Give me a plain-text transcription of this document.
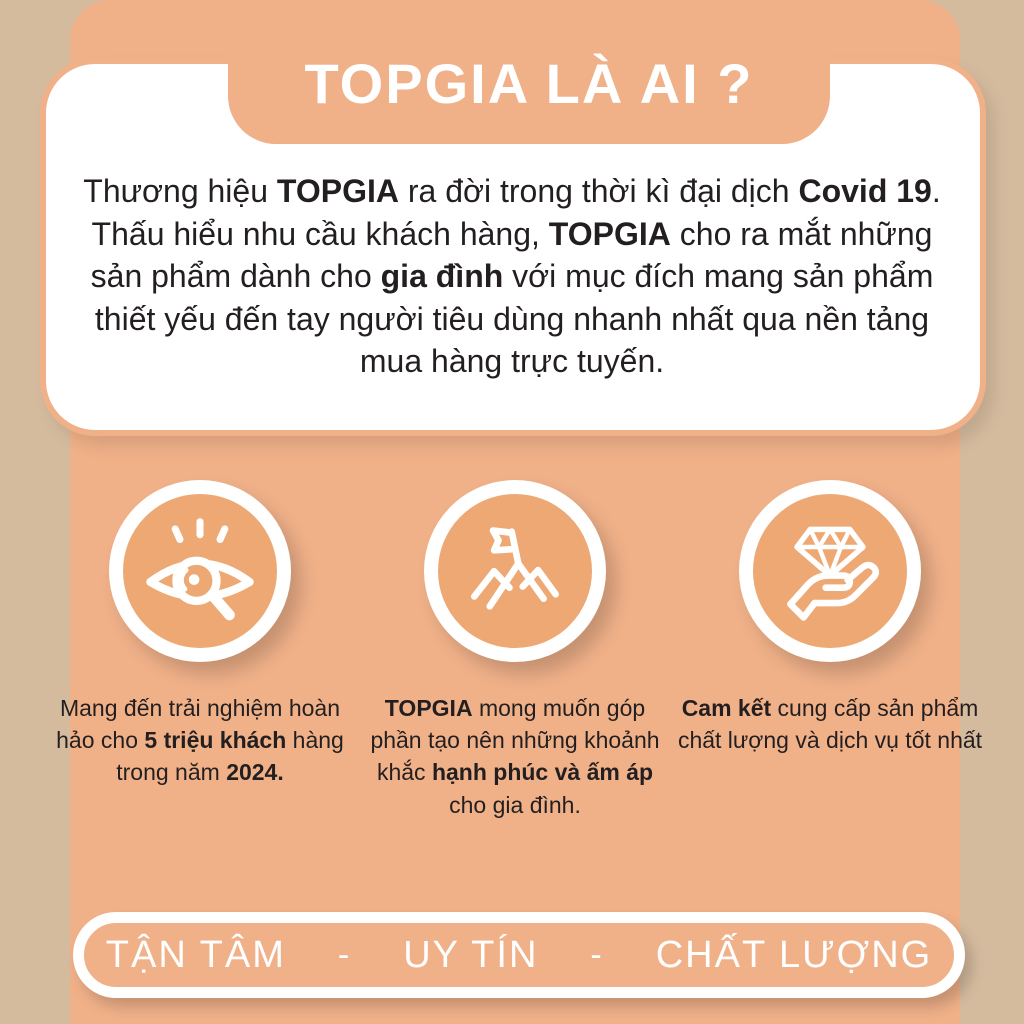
TOPGIA LÀ AI ?
Thương hiệu TOPGIA ra đời trong thời kì đại dịch Covid 19. Thấu hiểu nhu cầu khách hàng, TOPGIA cho ra mắt những sản phẩm dành cho gia đình với mục đích mang sản phẩm thiết yếu đến tay người tiêu dùng nhanh nhất qua nền tảng mua hàng trực tuyến.
Mang đến trải nghiệm hoàn hảo cho 5 triệu khách hàng trong năm 2024.
TOPGIA mong muốn góp phần tạo nên những khoảnh khắc hạnh phúc và ấm áp cho gia đình.
Cam kết cung cấp sản phẩm chất lượng và dịch vụ tốt nhất
TẬN TÂM - UY TÍN - CHẤT LƯỢNG
